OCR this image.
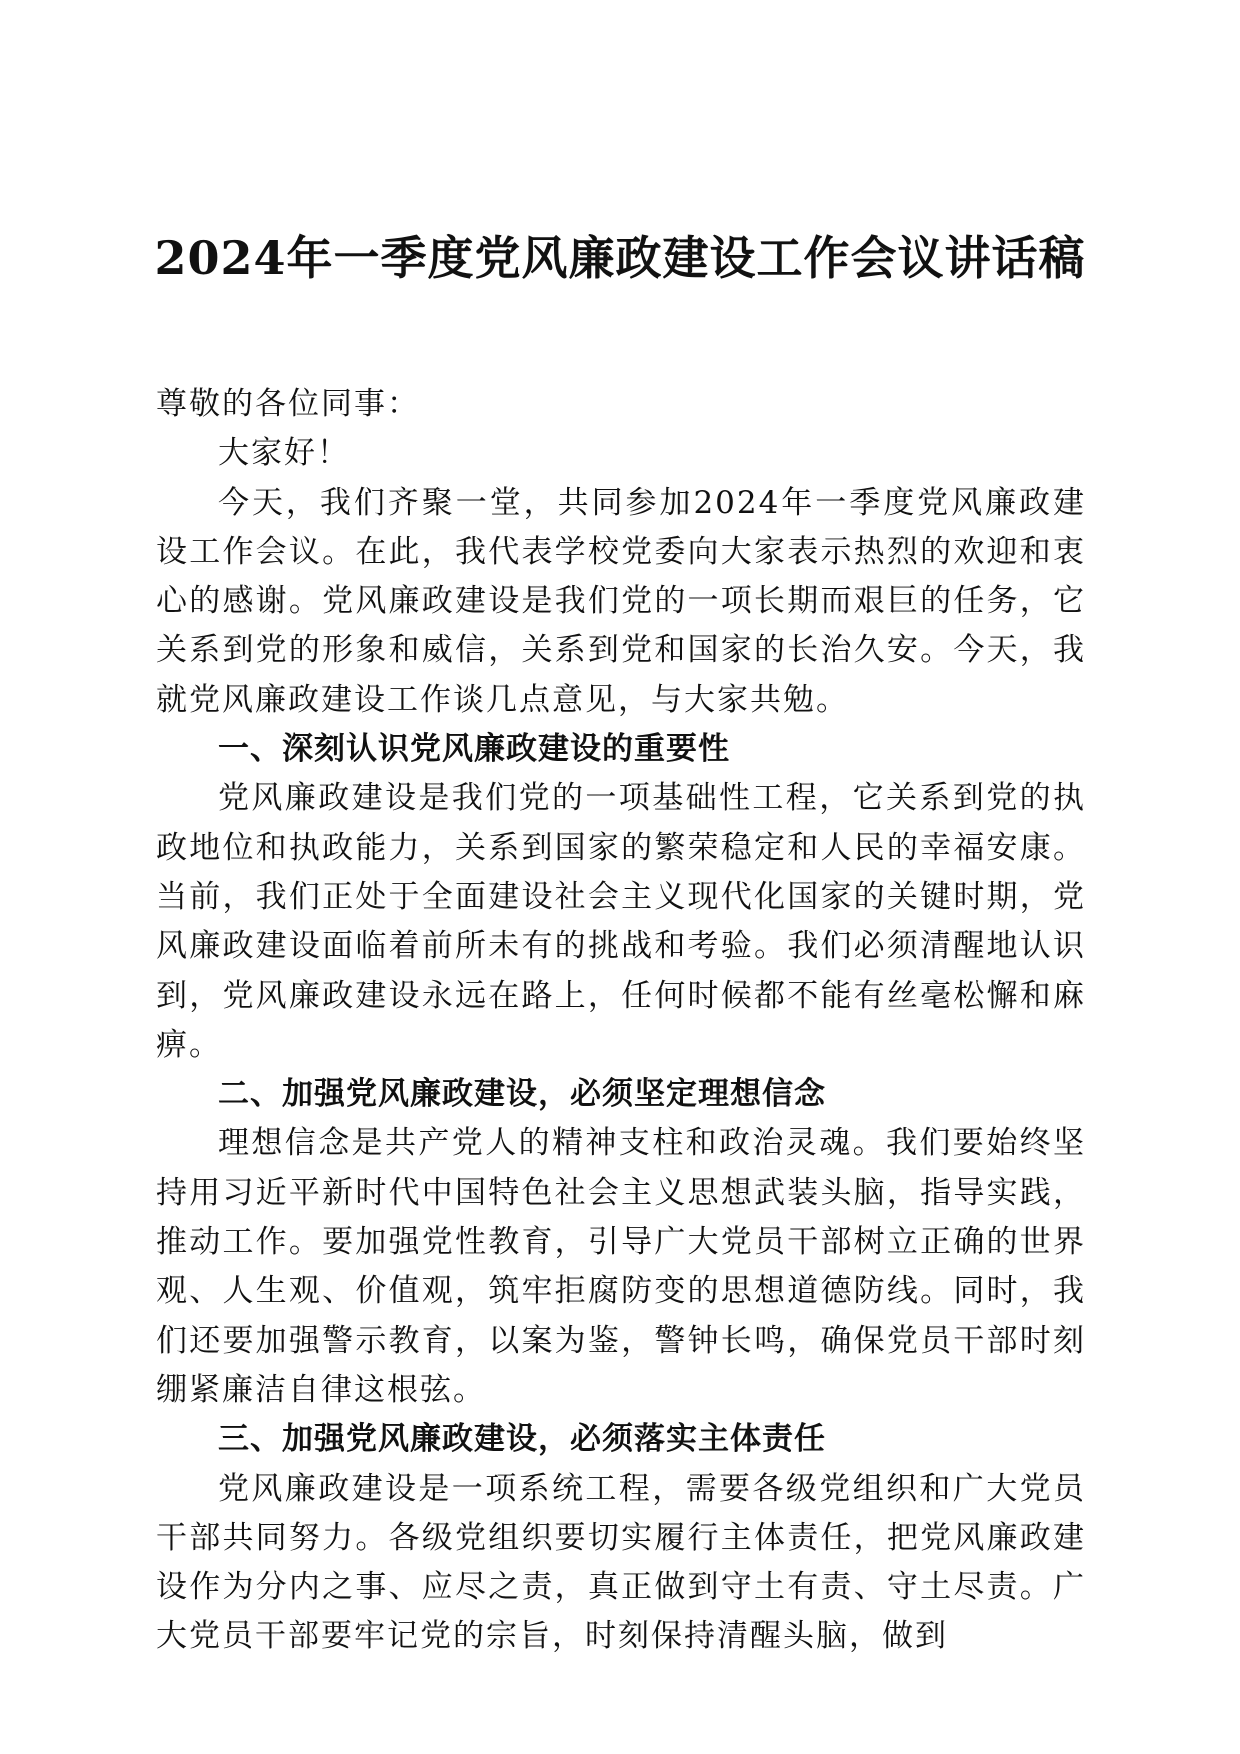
2024年一季度党风廉政建设工作会议讲话稿

尊敬的各位同事：

大家好！

今天，我们齐聚一堂，共同参加2024年一季度党风廉政建设工作会议。在此，我代表学校党委向大家表示热烈的欢迎和衷心的感谢。党风廉政建设是我们党的一项长期而艰巨的任务，它关系到党的形象和威信，关系到党和国家的长治久安。今天，我就党风廉政建设工作谈几点意见，与大家共勉。

一、深刻认识党风廉政建设的重要性

党风廉政建设是我们党的一项基础性工程，它关系到党的执政地位和执政能力，关系到国家的繁荣稳定和人民的幸福安康。当前，我们正处于全面建设社会主义现代化国家的关键时期，党风廉政建设面临着前所未有的挑战和考验。我们必须清醒地认识到，党风廉政建设永远在路上，任何时候都不能有丝毫松懈和麻痹。

二、加强党风廉政建设，必须坚定理想信念

理想信念是共产党人的精神支柱和政治灵魂。我们要始终坚持用习近平新时代中国特色社会主义思想武装头脑，指导实践，推动工作。要加强党性教育，引导广大党员干部树立正确的世界观、人生观、价值观，筑牢拒腐防变的思想道德防线。同时，我们还要加强警示教育，以案为鉴，警钟长鸣，确保党员干部时刻绷紧廉洁自律这根弦。

三、加强党风廉政建设，必须落实主体责任

党风廉政建设是一项系统工程，需要各级党组织和广大党员干部共同努力。各级党组织要切实履行主体责任，把党风廉政建设作为分内之事、应尽之责，真正做到守土有责、守土尽责。广大党员干部要牢记党的宗旨，时刻保持清醒头脑，做到
